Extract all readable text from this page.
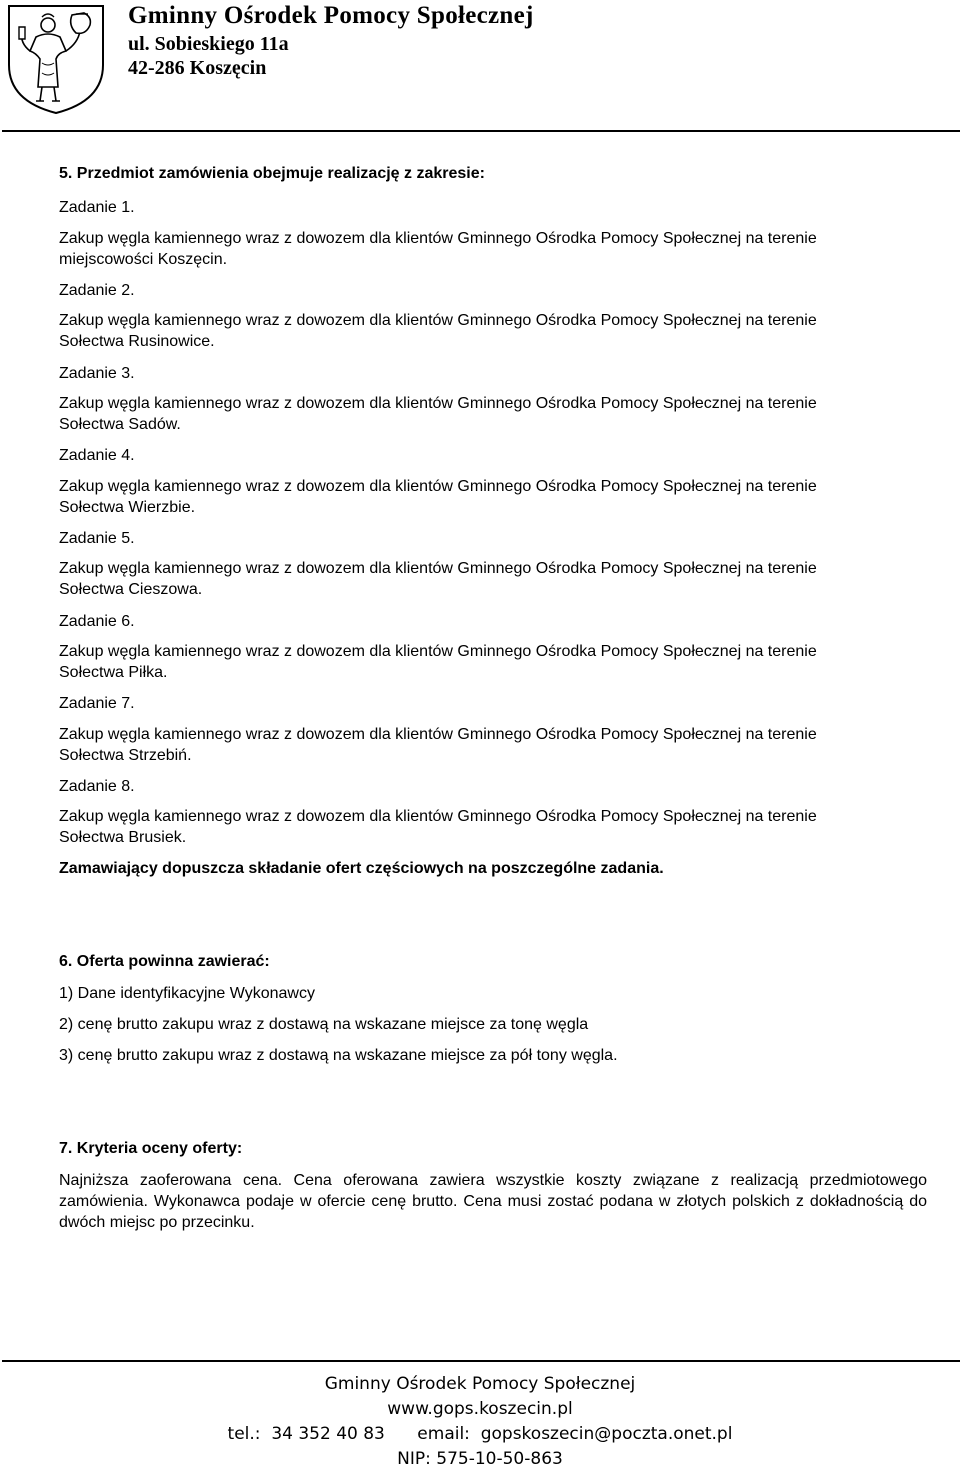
Gminny Ośrodek Pomocy Społecznej
ul. Sobieskiego 11a
42-286 Koszęcin
5. Przedmiot zamówienia obejmuje realizację z zakresie:
Zadanie 1.
Zakup węgla kamiennego wraz z dowozem dla klientów Gminnego Ośrodka Pomocy Społecznej na terenie
miejscowości Koszęcin.
Zadanie 2.
Zakup węgla kamiennego wraz z dowozem dla klientów Gminnego Ośrodka Pomocy Społecznej na terenie
Sołectwa Rusinowice.
Zadanie 3.
Zakup węgla kamiennego wraz z dowozem dla klientów Gminnego Ośrodka Pomocy Społecznej na terenie
Sołectwa Sadów.
Zadanie 4.
Zakup węgla kamiennego wraz z dowozem dla klientów Gminnego Ośrodka Pomocy Społecznej na terenie
Sołectwa Wierzbie.
Zadanie 5.
Zakup węgla kamiennego wraz z dowozem dla klientów Gminnego Ośrodka Pomocy Społecznej na terenie
Sołectwa Cieszowa.
Zadanie 6.
Zakup węgla kamiennego wraz z dowozem dla klientów Gminnego Ośrodka Pomocy Społecznej na terenie
Sołectwa Piłka.
Zadanie 7.
Zakup węgla kamiennego wraz z dowozem dla klientów Gminnego Ośrodka Pomocy Społecznej na terenie
Sołectwa Strzebiń.
Zadanie 8.
Zakup węgla kamiennego wraz z dowozem dla klientów Gminnego Ośrodka Pomocy Społecznej na terenie
Sołectwa Brusiek.
Zamawiający dopuszcza składanie ofert częściowych na poszczególne zadania.
6. Oferta powinna zawierać:
1) Dane identyfikacyjne Wykonawcy
2) cenę brutto zakupu wraz z dostawą na wskazane miejsce za tonę węgla
3) cenę brutto zakupu wraz z dostawą na wskazane miejsce za pół tony węgla.
7. Kryteria oceny oferty:
Najniższa zaoferowana cena. Cena oferowana zawiera wszystkie koszty związane z realizacją przedmiotowego zamówienia. Wykonawca podaje w ofercie cenę brutto. Cena musi zostać podana w złotych polskich z dokładnością do dwóch miejsc po przecinku.
Gminny Ośrodek Pomocy Społecznej
www.gops.koszecin.pl
tel.:  34 352 40 83      email:  gopskoszecin@poczta.onet.pl
NIP: 575-10-50-863
